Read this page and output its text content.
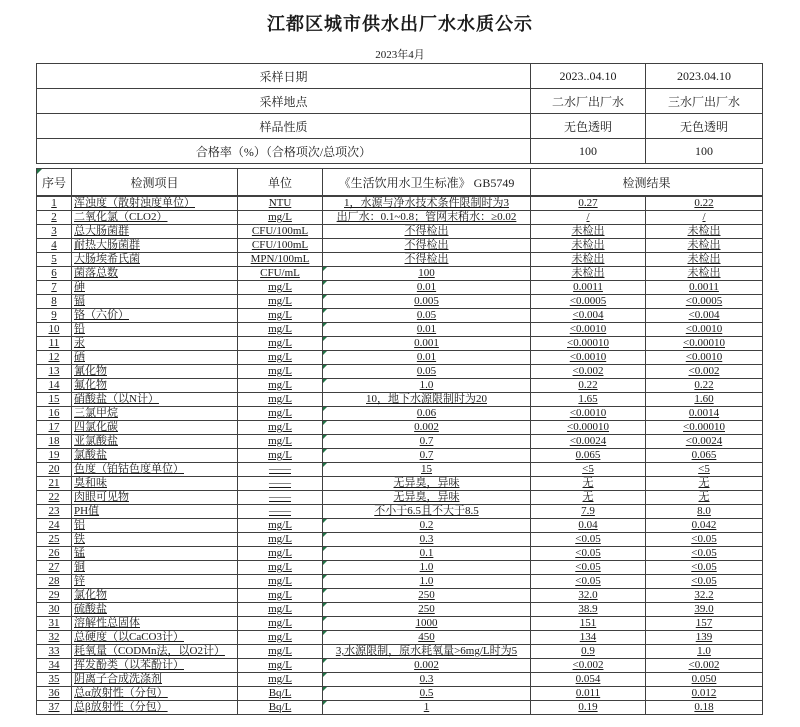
江都区城市供水出厂水水质公示
2023年4月
采样日期	2023..04.10	2023.04.10
采样地点	二水厂出厂水	三水厂出厂水
样品性质	无色透明	无色透明
合格率（%）（合格项次/总项次）	100	100
序号	检测项目	单位	《生活饮用水卫生标准》 GB5749	检测结果	
1	浑浊度（散射浊度单位）	NTU	1，水源与净水技术条件限制时为3	0.27	0.22
2	二氧化氯（CLO2）	mg/L	出厂水：0.1~0.8；管网末稍水：≥0.02	/	/
3	总大肠菌群	CFU/100mL	不得检出	未检出	未检出
4	耐热大肠菌群	CFU/100mL	不得检出	未检出	未检出
5	大肠埃希氏菌	MPN/100mL	不得检出	未检出	未检出
6	菌落总数	CFU/mL	100	未检出	未检出
7	砷	mg/L	0.01	0.0011	0.0011
8	镉	mg/L	0.005	<0.0005	<0.0005
9	铬（六价）	mg/L	0.05	<0.004	<0.004
10	铅	mg/L	0.01	<0.0010	<0.0010
11	汞	mg/L	0.001	<0.00010	<0.00010
12	硒	mg/L	0.01	<0.0010	<0.0010
13	氰化物	mg/L	0.05	<0.002	<0.002
14	氟化物	mg/L	1.0	0.22	0.22
15	硝酸盐（以N计）	mg/L	10，地下水源限制时为20	1.65	1.60
16	三氯甲烷	mg/L	0.06	<0.0010	0.0014
17	四氯化碳	mg/L	0.002	<0.00010	<0.00010
18	亚氯酸盐	mg/L	0.7	<0.0024	<0.0024
19	氯酸盐	mg/L	0.7	0.065	0.065
20	色度（铂钴色度单位）	——	15	<5	<5
21	臭和味	——	无异臭，异味	无	无
22	肉眼可见物	——	无异臭，异味	无	无
23	PH值	——	不小于6.5且不大于8.5	7.9	8.0
24	铝	mg/L	0.2	0.04	0.042
25	铁	mg/L	0.3	<0.05	<0.05
26	锰	mg/L	0.1	<0.05	<0.05
27	铜	mg/L	1.0	<0.05	<0.05
28	锌	mg/L	1.0	<0.05	<0.05
29	氯化物	mg/L	250	32.0	32.2
30	硫酸盐	mg/L	250	38.9	39.0
31	溶解性总固体	mg/L	1000	151	157
32	总硬度（以CaCO3计）	mg/L	450	134	139
33	耗氧量（CODMn法，以O2计）	mg/L	3,水源限制，原水耗氧量>6mg/L时为5	0.9	1.0
34	挥发酚类（以苯酚计）	mg/L	0.002	<0.002	<0.002
35	阴离子合成洗涤剂	mg/L	0.3	0.054	0.050
36	总α放射性（分包）	Bq/L	0.5	0.011	0.012
37	总β放射性（分包）	Bq/L	1	0.19	0.18
